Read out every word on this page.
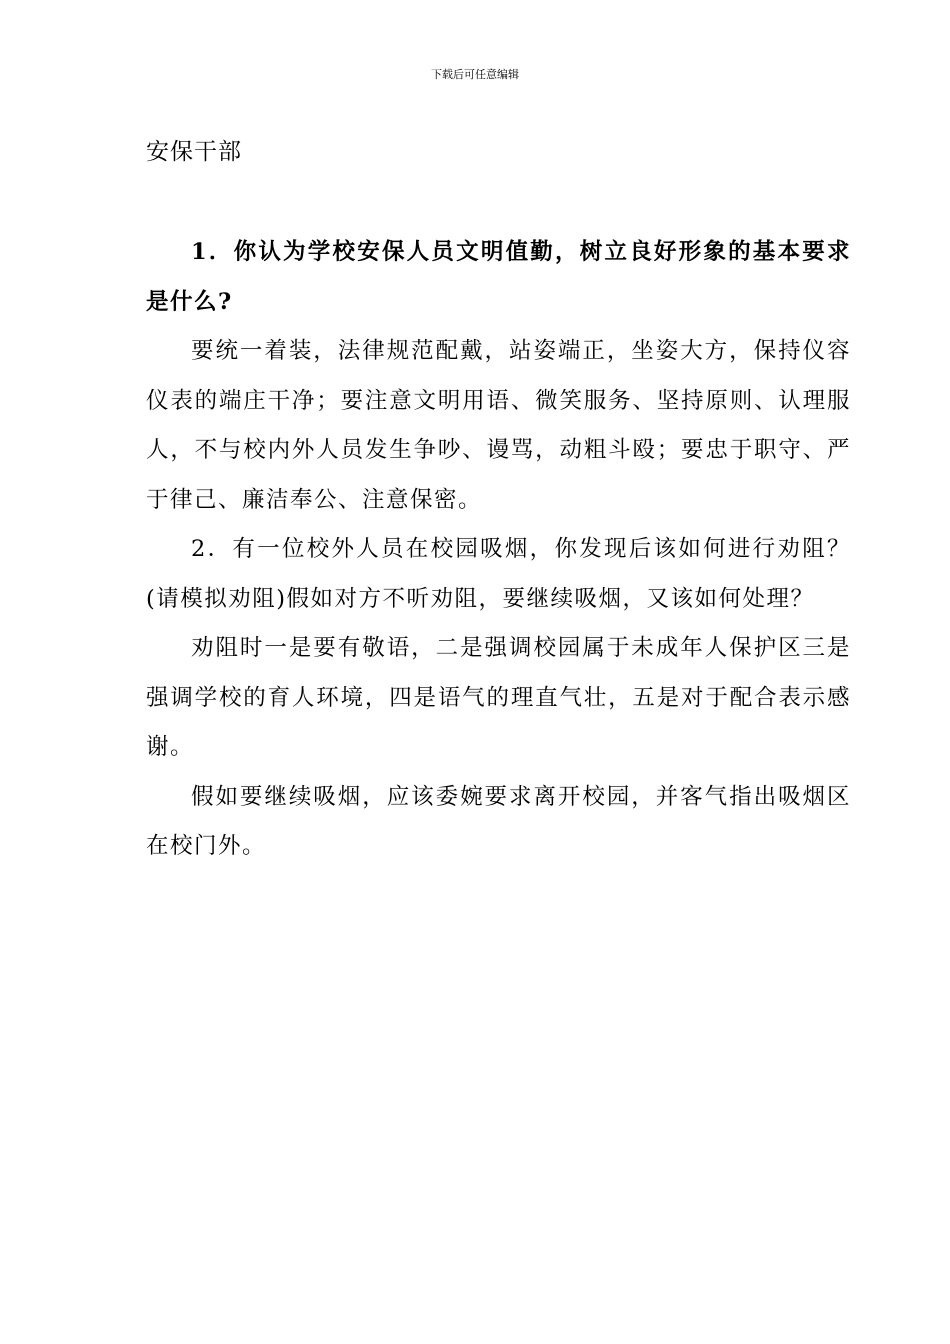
下载后可任意编辑
安保干部

1．你认为学校安保人员文明值勤，树立良好形象的基本要求是什么?

要统一着装，法律规范配戴，站姿端正，坐姿大方，保持仪容仪表的端庄干净；要注意文明用语、微笑服务、坚持原则、认理服人，不与校内外人员发生争吵、谩骂，动粗斗殴；要忠于职守、严于律己、廉洁奉公、注意保密。

2．有一位校外人员在校园吸烟，你发现后该如何进行劝阻？(请模拟劝阻)假如对方不听劝阻，要继续吸烟，又该如何处理？

劝阻时一是要有敬语，二是强调校园属于未成年人保护区三是强调学校的育人环境，四是语气的理直气壮，五是对于配合表示感谢。

假如要继续吸烟，应该委婉要求离开校园，并客气指出吸烟区在校门外。
